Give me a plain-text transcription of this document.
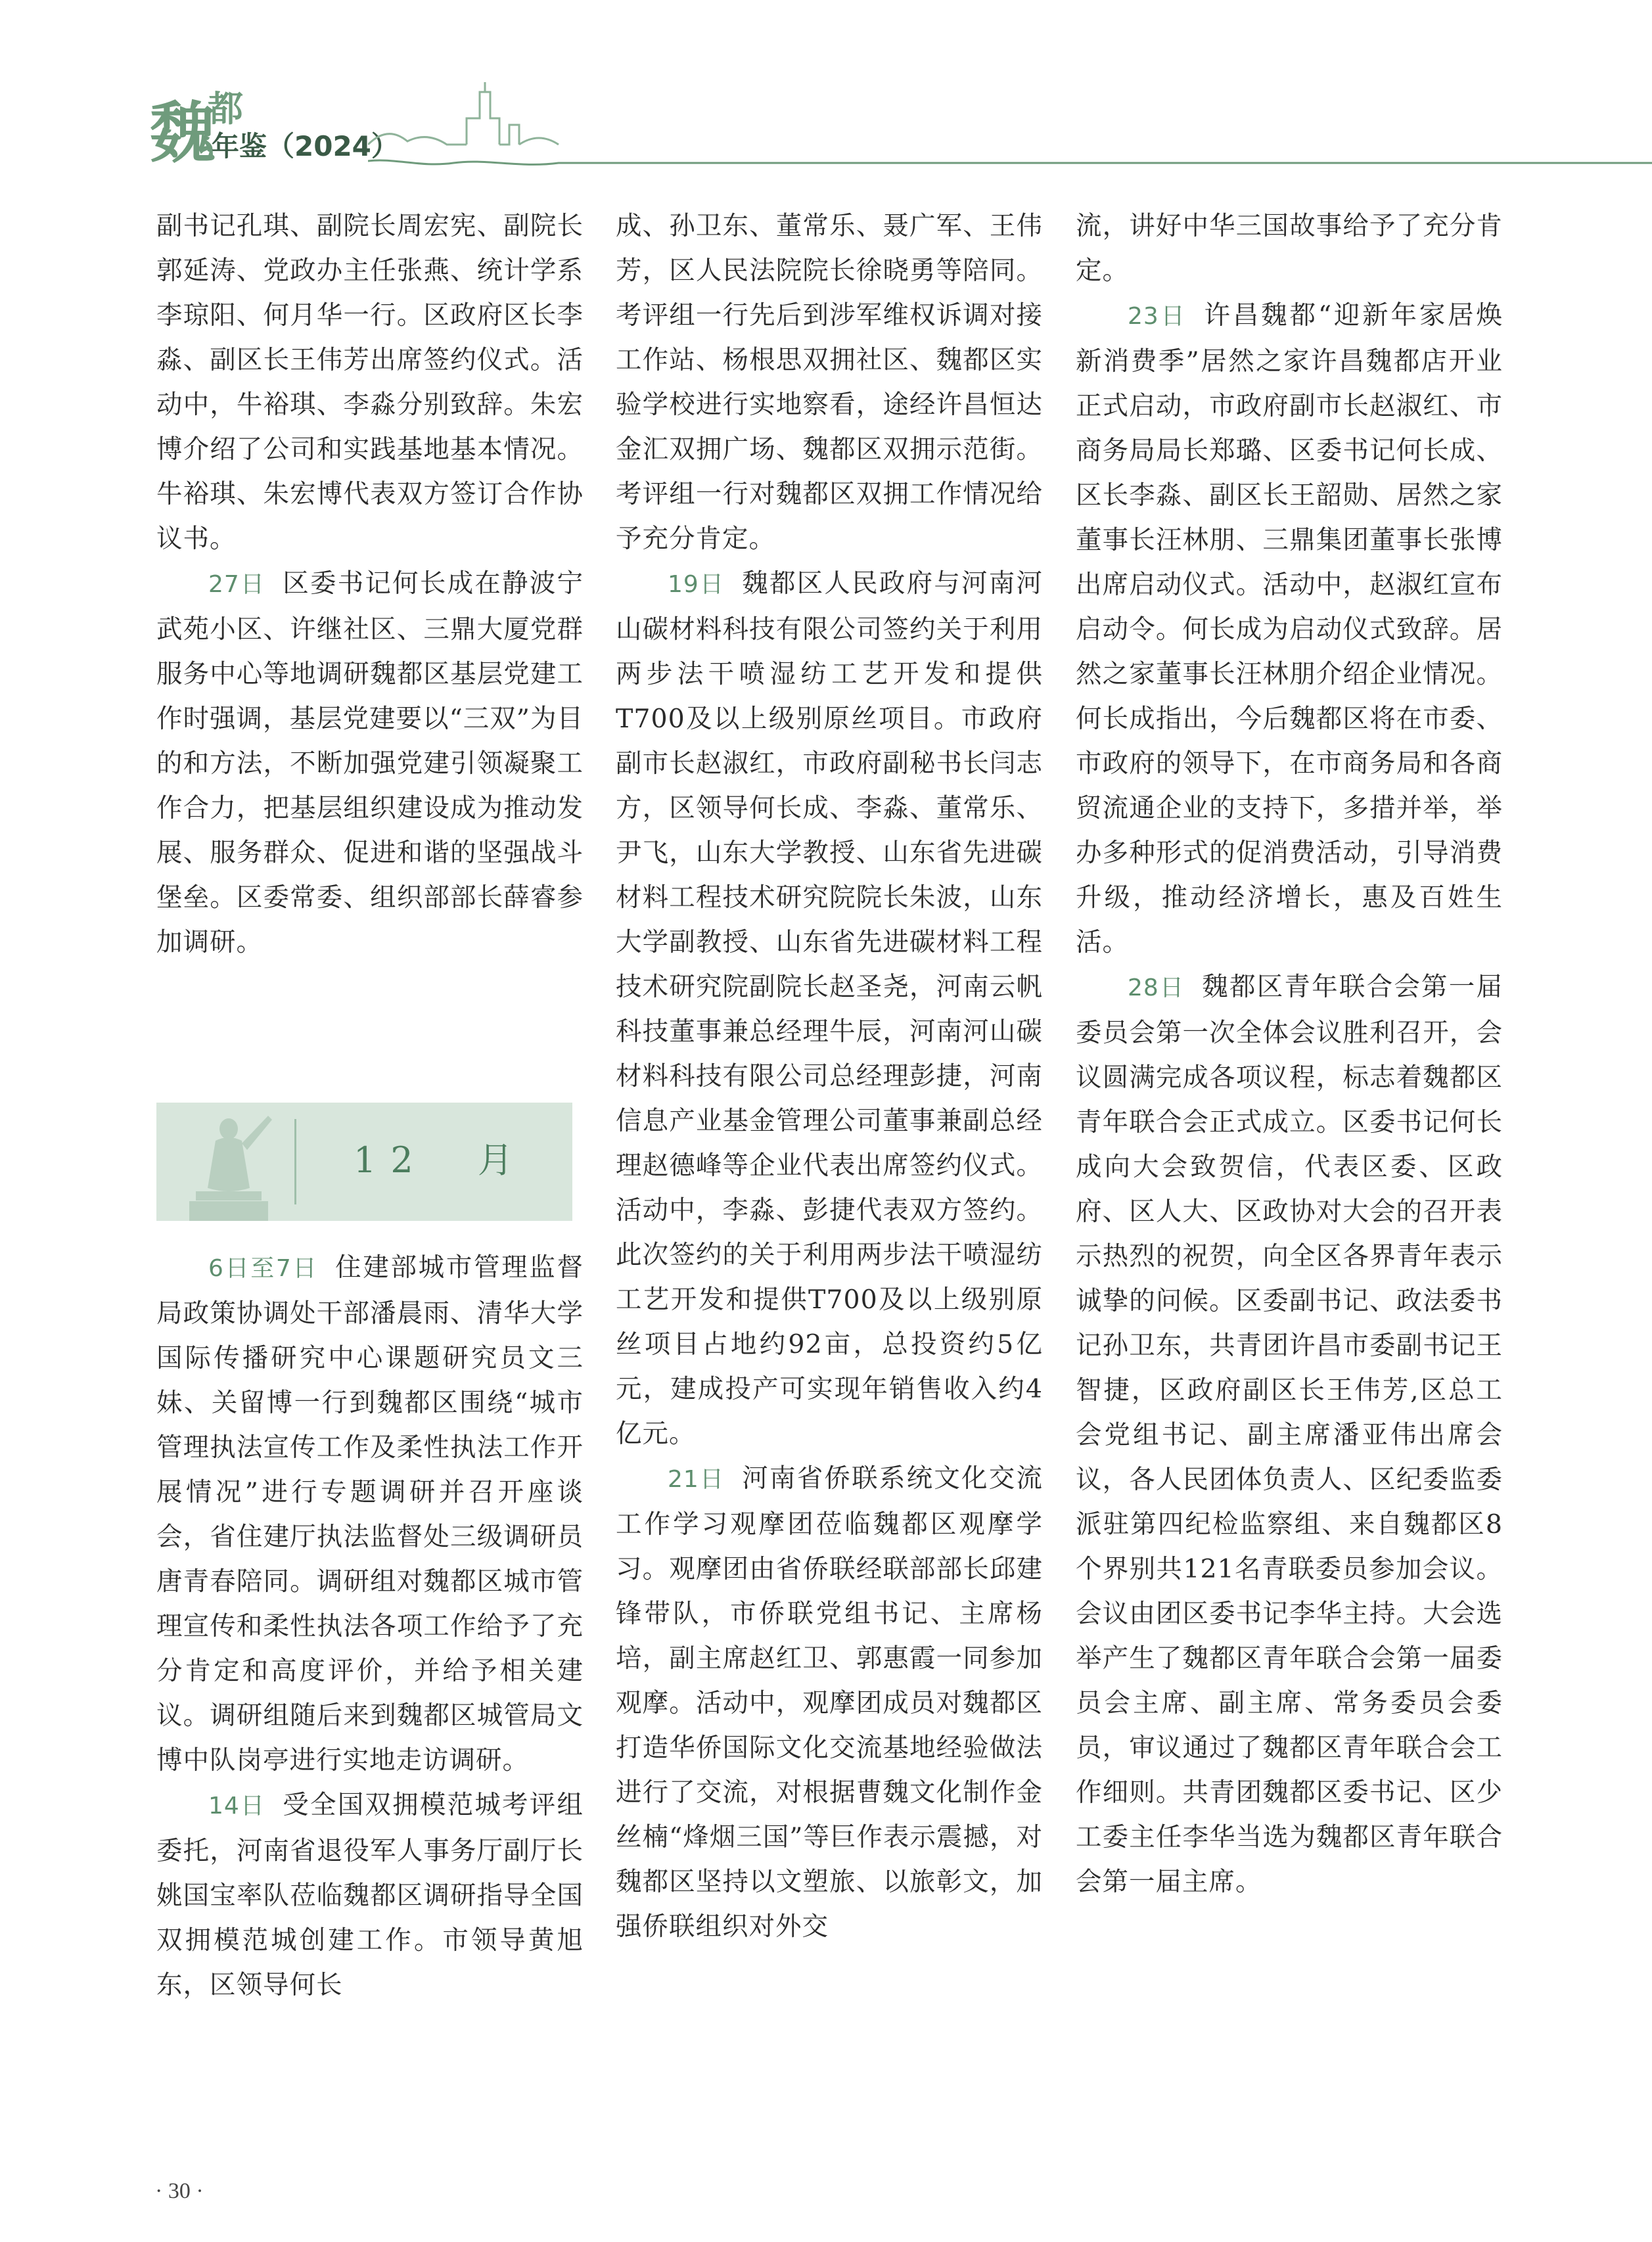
魏
都
年鉴（2024）

副书记孔琪、副院长周宏宪、副院长郭延涛、党政办主任张燕、统计学系李琼阳、何月华一行。区政府区长李淼、副区长王伟芳出席签约仪式。活动中，牛裕琪、李淼分别致辞。朱宏博介绍了公司和实践基地基本情况。牛裕琪、朱宏博代表双方签订合作协议书。

27日 区委书记何长成在静波宁武苑小区、许继社区、三鼎大厦党群服务中心等地调研魏都区基层党建工作时强调，基层党建要以“三双”为目的和方法，不断加强党建引领凝聚工作合力，把基层组织建设成为推动发展、服务群众、促进和谐的坚强战斗堡垒。区委常委、组织部部长薛睿参加调研。

12　月

6日至7日 住建部城市管理监督局政策协调处干部潘晨雨、清华大学国际传播研究中心课题研究员文三妹、关留博一行到魏都区围绕“城市管理执法宣传工作及柔性执法工作开展情况”进行专题调研并召开座谈会，省住建厅执法监督处三级调研员唐青春陪同。调研组对魏都区城市管理宣传和柔性执法各项工作给予了充分肯定和高度评价，并给予相关建议。调研组随后来到魏都区城管局文博中队岗亭进行实地走访调研。

14日 受全国双拥模范城考评组委托，河南省退役军人事务厅副厅长姚国宝率队莅临魏都区调研指导全国双拥模范城创建工作。市领导黄旭东，区领导何长

成、孙卫东、董常乐、聂广军、王伟芳，区人民法院院长徐晓勇等陪同。考评组一行先后到涉军维权诉调对接工作站、杨根思双拥社区、魏都区实验学校进行实地察看，途经许昌恒达金汇双拥广场、魏都区双拥示范街。考评组一行对魏都区双拥工作情况给予充分肯定。

19日 魏都区人民政府与河南河山碳材料科技有限公司签约关于利用两步法干喷湿纺工艺开发和提供T700及以上级别原丝项目。市政府副市长赵淑红，市政府副秘书长闫志方，区领导何长成、李淼、董常乐、尹飞，山东大学教授、山东省先进碳材料工程技术研究院院长朱波，山东大学副教授、山东省先进碳材料工程技术研究院副院长赵圣尧，河南云帆科技董事兼总经理牛辰，河南河山碳材料科技有限公司总经理彭捷，河南信息产业基金管理公司董事兼副总经理赵德峰等企业代表出席签约仪式。活动中，李淼、彭捷代表双方签约。此次签约的关于利用两步法干喷湿纺工艺开发和提供T700及以上级别原丝项目占地约92亩，总投资约5亿元，建成投产可实现年销售收入约4亿元。

21日 河南省侨联系统文化交流工作学习观摩团莅临魏都区观摩学习。观摩团由省侨联经联部部长邱建锋带队，市侨联党组书记、主席杨培，副主席赵红卫、郭惠霞一同参加观摩。活动中，观摩团成员对魏都区打造华侨国际文化交流基地经验做法进行了交流，对根据曹魏文化制作金丝楠“烽烟三国”等巨作表示震撼，对魏都区坚持以文塑旅、以旅彰文，加强侨联组织对外交

流，讲好中华三国故事给予了充分肯定。

23日 许昌魏都“迎新年家居焕新消费季”居然之家许昌魏都店开业正式启动，市政府副市长赵淑红、市商务局局长郑璐、区委书记何长成、区长李淼、副区长王韶勋、居然之家董事长汪林朋、三鼎集团董事长张博出席启动仪式。活动中，赵淑红宣布启动令。何长成为启动仪式致辞。居然之家董事长汪林朋介绍企业情况。何长成指出，今后魏都区将在市委、市政府的领导下，在市商务局和各商贸流通企业的支持下，多措并举，举办多种形式的促消费活动，引导消费升级，推动经济增长，惠及百姓生活。

28日 魏都区青年联合会第一届委员会第一次全体会议胜利召开，会议圆满完成各项议程，标志着魏都区青年联合会正式成立。区委书记何长成向大会致贺信，代表区委、区政府、区人大、区政协对大会的召开表示热烈的祝贺，向全区各界青年表示诚挚的问候。区委副书记、政法委书记孙卫东，共青团许昌市委副书记王智捷，区政府副区长王伟芳,区总工会党组书记、副主席潘亚伟出席会议，各人民团体负责人、区纪委监委派驻第四纪检监察组、来自魏都区8个界别共121名青联委员参加会议。会议由团区委书记李华主持。大会选举产生了魏都区青年联合会第一届委员会主席、副主席、常务委员会委员，审议通过了魏都区青年联合会工作细则。共青团魏都区委书记、区少工委主任李华当选为魏都区青年联合会第一届主席。

· 30 ·
